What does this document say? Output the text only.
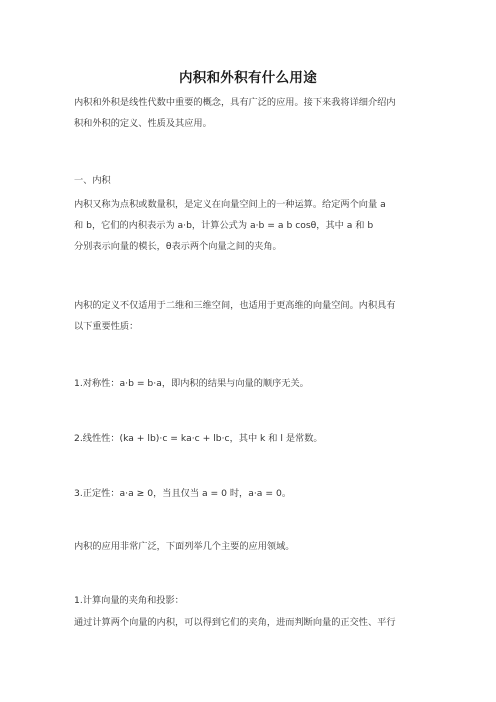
内积和外积有什么用途

内积和外积是线性代数中重要的概念，具有广泛的应用。接下来我将详细介绍内
积和外积的定义、性质及其应用。

一、内积

内积又称为点积或数量积，是定义在向量空间上的一种运算。给定两个向量 a
和 b，它们的内积表示为 a·b，计算公式为 a·b = a b cosθ，其中 a 和 b
分别表示向量的模长，θ表示两个向量之间的夹角。

内积的定义不仅适用于二维和三维空间，也适用于更高维的向量空间。内积具有
以下重要性质：

1.对称性：a·b = b·a，即内积的结果与向量的顺序无关。

2.线性性：(ka + lb)·c = ka·c + lb·c，其中 k 和 l 是常数。

3.正定性：a·a ≥ 0，当且仅当 a = 0 时，a·a = 0。

内积的应用非常广泛，下面列举几个主要的应用领域。

1.计算向量的夹角和投影：

通过计算两个向量的内积，可以得到它们的夹角，进而判断向量的正交性、平行
